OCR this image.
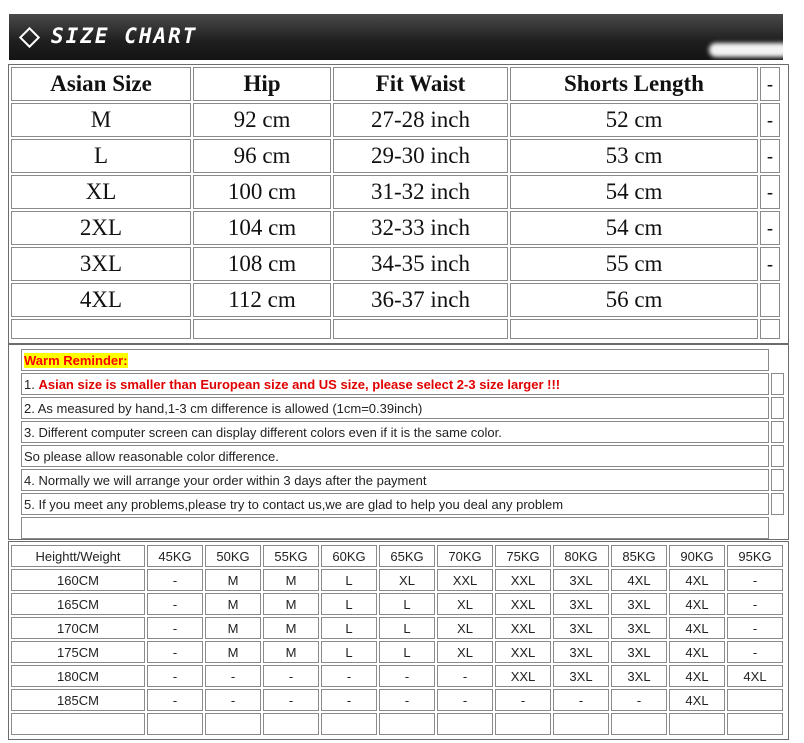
SIZE CHART
Asian Size	Hip	Fit Waist	Shorts Length	-
M	92 cm	27-28 inch	52 cm	-
L	96 cm	29-30 inch	53 cm	-
XL	100 cm	31-32 inch	54 cm	-
2XL	104 cm	32-33 inch	54 cm	-
3XL	108 cm	34-35 inch	55 cm	-
4XL	112 cm	36-37 inch	56 cm	

Warm Reminder:	
1. Asian size is smaller than European size and US size, please select 2-3 size larger !!!	
2. As measured by hand,1-3 cm difference is allowed (1cm=0.39inch)	
3. Different computer screen can display different colors even if it is the same color.	
So please allow reasonable color difference.	
4. Normally we will arrange your order within 3 days after the payment	
5. If you meet any problems,please try to contact us,we are glad to help you deal any problem	

Heightt/Weight	45KG	50KG	55KG	60KG	65KG	70KG	75KG	80KG	85KG	90KG	95KG
160CM	-	M	M	L	XL	XXL	XXL	3XL	4XL	4XL	-
165CM	-	M	M	L	L	XL	XXL	3XL	3XL	4XL	-
170CM	-	M	M	L	L	XL	XXL	3XL	3XL	4XL	-
175CM	-	M	M	L	L	XL	XXL	3XL	3XL	4XL	-
180CM	-	-	-	-	-	-	XXL	3XL	3XL	4XL	4XL
185CM	-	-	-	-	-	-	-	-	-	4XL	
